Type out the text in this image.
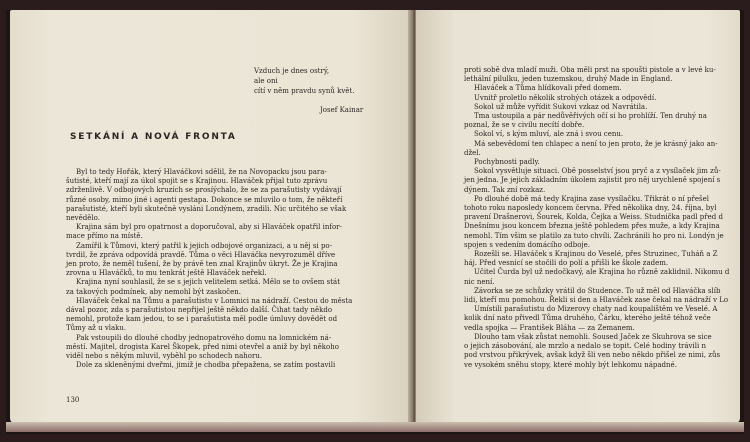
Vzduch je dnes ostrý,
ale oni
cítí v něm pravdu synů květ.
Josef Kainar
SETKÁNÍ A NOVÁ FRONTA
Byl to tedy Hořák, který Hlaváčkovi sdělil, že na Novopacku jsou para-
šutisté, kteří mají za úkol spojit se s Krajinou. Hlaváček přijal tuto zprávu
zdrženlivě. V odbojových kruzích se prosíýchalo, že se za parašutisty vydávají
různé osoby, mimo jiné i agenti gestapa. Dokonce se mluvilo o tom, že někteří
parašutisté, kteří byli skutečně vysláni Londýnem, zradili. Nic určitého se však
nevědělo.
Krajina sám byl pro opatrnost a doporučoval, aby si Hlaváček opatřil infor-
mace přímo na místě.
Zamířil k Tůmovi, který patřil k jejich odbojové organizaci, a u něj si po-
tvrdil, že zpráva odpovídá pravdě. Tůma o věci Hlaváčka nevyrozuměl dříve
jen proto, že neměl tušení, že by právě ten znal Krajinův úkryt. Že je Krajina
zrovna u Hlaváčků, to mu tenkrát ještě Hlaváček neřekl.
Krajina nyní souhlasil, že se s jejich velitelem setká. Mělo se to ovšem stát
za takových podmínek, aby nemohl být zaskočen.
Hlaváček čekal na Tůmu a parašutistu v Lomnici na nádraží. Cestou do města
dával pozor, zda s parašutistou nepřijel ještě někdo další. Čihat tady někdo
nemohl, protože kam jedou, to se i parašutista měl podle úmluvy dovědět od
Tůmy až u vlaku.
Pak vstoupili do dlouhé chodby jednopatrového domu na lomnickém ná-
městí. Majitel, drogista Karel Škopek, před nimi otevřel a aniž by byl někoho
viděl nebo s někým mluvil, vyběhl po schodech nahoru.
Dole za skleněnými dveřmi, jimiž je chodba přepažena, se zatím postavili
130
proti sobě dva mladí muži. Oba měli prst na spoušti pistole a v levé ku-
lethální pilulku, jeden tuzemskou, druhý Made in England.
Hlaváček a Tůma hlídkovali před domem.
Uvnitř proletlo několik strohých otázek a odpovědí.
Sokol už může vyřídit Sukovi vzkaz od Navrátila.
Tma ustoupila a pár nedůvěřivých očí si ho prohlíží. Ten druhý na
poznal, že se v civilu necítí dobře.
Sokol ví, s kým mluví, ale zná i svou cenu.
Má sebevědomí ten chlapec a není to jen proto, že je krásný jako an-
džel.
Pochybnosti padly.
Sokol vysvětluje situaci. Obě posselství jsou pryč a z vysílaček jim zů-
jen jedna. Je jejich základním úkolem zajistit pro něj urychleně spojení s
dýnem. Tak zní rozkaz.
Po dlouhé době má tedy Krajina zase vysílačku. Třikrát o ní přešel
tohoto roku naposledy koncem června. Před několika dny, 24. října, byl
pravení Drašnerovi, Šourek, Kolda, Čejka a Weiss. Studnička padl před d
Dnešnímu jsou koncem března ještě pohledem přes muže, a kdy Krajina
nemohl. Tím všim se platilo za tuto chvíli. Zachránili ho pro ni. Londýn je
spojen s vedením domácího odboje.
Rozešli se. Hlaváček s Krajinou do Veselé, přes Struzinec, Tuháň a Z
háj. Před vesnicí se stočili do polí a přišli ke škole zadem.
Učitel Čurda byl už nedočkavý, ale Krajina ho různě zaklidnil. Nikomu d
nic není.
Závorka se ze schůzky vrátil do Studence. To už měl od Hlaváčka slíb
lidi, kteří mu pomohou. Řekli si den a Hlaváček zase čekal na nádraží v Lo
Umístili parašutistu do Mizerovy chaty nad koupalištěm ve Veselé. A
kolik dní nato přivedl Tůma druhého, Čárku, kterého ještě téhož veče
vedla spojka — František Bláha — za Zemanem.
Dlouho tam však zůstat nemohli. Soused Jaček ze Skuhrova se sice
o jejich zásobování, ale mrzlo a nedalo se topit. Celé hodiny trávili n
pod vrstvou přikrývek, avšak když šli ven nebo někdo přišel ze nimi, zůs
ve vysokém sněhu stopy, které mohly být lehkomu nápadné.
